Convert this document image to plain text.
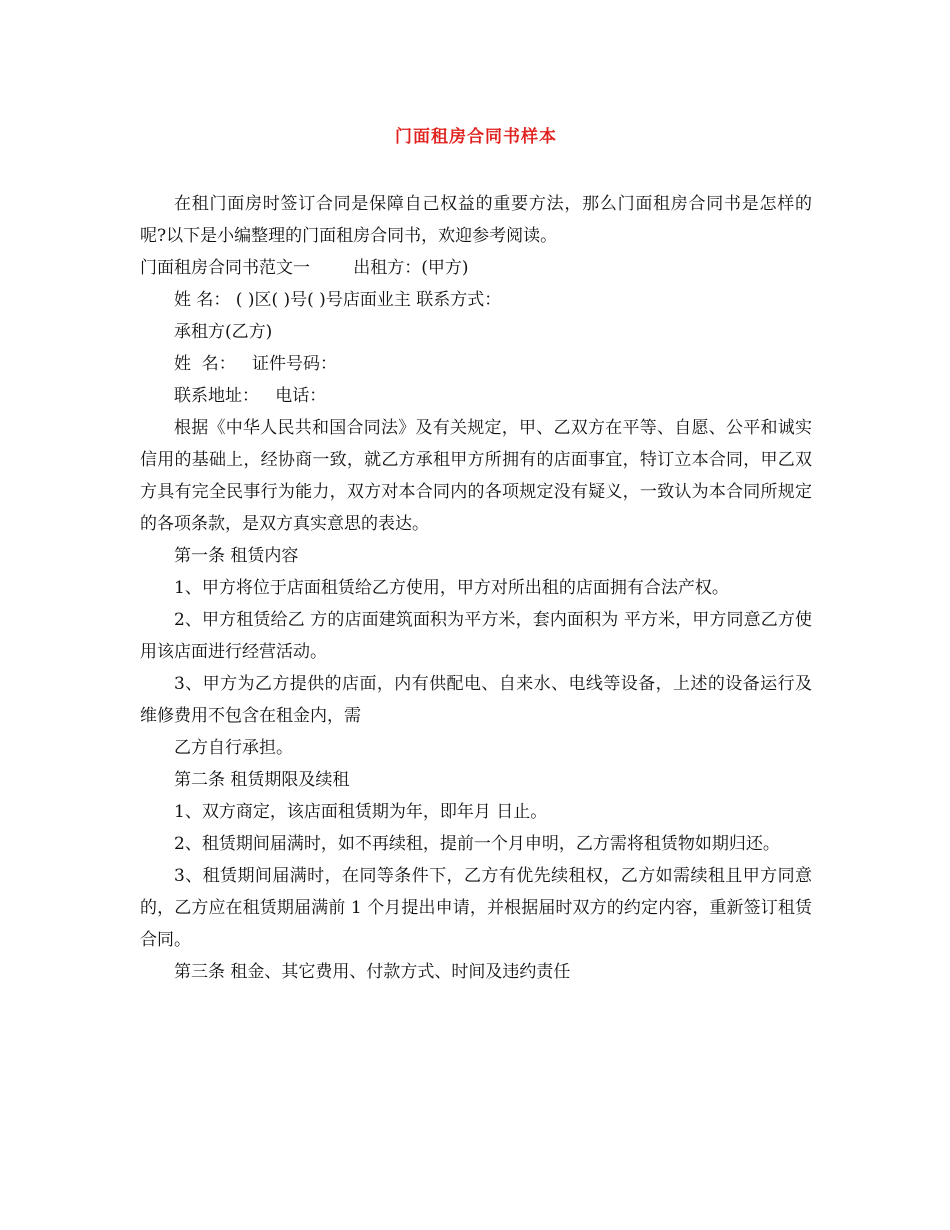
门面租房合同书样本

在租门面房时签订合同是保障自己权益的重要方法，那么门面租房合同书是怎样的呢?以下是小编整理的门面租房合同书，欢迎参考阅读。

门面租房合同书范文一        出租方：(甲方)

姓 名： ( )区( )号( )号店面业主 联系方式：

承租方(乙方)

姓  名：   证件号码：

联系地址：   电话：

根据《中华人民共和国合同法》及有关规定，甲、乙双方在平等、自愿、公平和诚实信用的基础上，经协商一致，就乙方承租甲方所拥有的店面事宜，特订立本合同，甲乙双方具有完全民事行为能力，双方对本合同内的各项规定没有疑义，一致认为本合同所规定的各项条款，是双方真实意思的表达。

第一条 租赁内容

1、甲方将位于店面租赁给乙方使用，甲方对所出租的店面拥有合法产权。

2、甲方租赁给乙 方的店面建筑面积为平方米，套内面积为 平方米，甲方同意乙方使用该店面进行经营活动。

3、甲方为乙方提供的店面，内有供配电、自来水、电线等设备，上述的设备运行及维修费用不包含在租金内，需

乙方自行承担。

第二条 租赁期限及续租

1、双方商定，该店面租赁期为年，即年月 日止。

2、租赁期间届满时，如不再续租，提前一个月申明，乙方需将租赁物如期归还。

3、租赁期间届满时，在同等条件下，乙方有优先续租权，乙方如需续租且甲方同意的，乙方应在租赁期届满前 1 个月提出申请，并根据届时双方的约定内容，重新签订租赁合同。

第三条 租金、其它费用、付款方式、时间及违约责任
